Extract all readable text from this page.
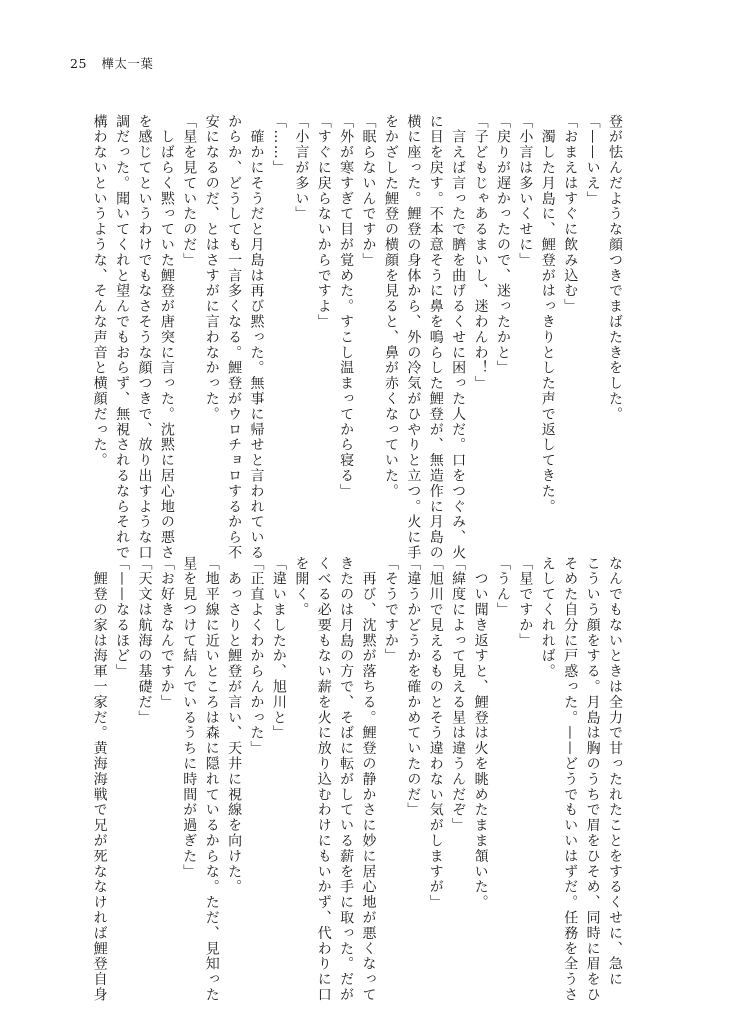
25 樺太一葉

登が怯んだような顔つきでまばたきをした。

「——いえ」

「おまえはすぐに飲み込む」

　濁した月島に、鯉登がはっきりとした声で返してきた。

「小言は多いくせに」

「戻りが遅かったので、迷ったかと」

「子どもじゃあるまいし、迷わんわ！」

　言えば言ったで臍を曲げるくせに困った人だ。口をつぐみ、火

に目を戻す。不本意そうに鼻を鳴らした鯉登が、無造作に月島の

横に座った。鯉登の身体から、外の冷気がひやりと立つ。火に手

をかざした鯉登の横顔を見ると、鼻が赤くなっていた。

「眠らないんですか」

「外が寒すぎて目が覚めた。すこし温まってから寝る」

「すぐに戻らないからですよ」

「小言が多い」

「……」

　確かにそうだと月島は再び黙った。無事に帰せと言われている

からか、どうしても一言多くなる。鯉登がウロチョロするから不

安になるのだ、とはさすがに言わなかった。

「星を見ていたのだ」

　しばらく黙っていた鯉登が唐突に言った。沈黙に居心地の悪さ

を感じてというわけでもなさそうな顔つきで、放り出すような口

調だった。聞いてくれと望んでもおらず、無視されるならそれで

構わないというような、そんな声音と横顔だった。

なんでもないときは全力で甘ったれたことをするくせに、急に

こういう顔をする。月島は胸のうちで眉をひそめ、同時に眉をひ

そめた自分に戸惑った。——どうでもいいはずだ。任務を全うさ

えしてくれれば。

「星ですか」

「うん」

　つい聞き返すと、鯉登は火を眺めたまま頷いた。

「緯度によって見える星は違うんだぞ」

「旭川で見えるものとそう違わない気がしますが」

「違うかどうかを確かめていたのだ」

「そうですか」

　再び、沈黙が落ちる。鯉登の静かさに妙に居心地が悪くなって

きたのは月島の方で、そばに転がしている薪を手に取った。だが

くべる必要もない薪を火に放り込むわけにもいかず、代わりに口

を開く。

「違いましたか、旭川と」

「正直よくわからんかった」

　あっさりと鯉登が言い、天井に視線を向けた。

「地平線に近いところは森に隠れているからな。ただ、見知った

星を見つけて結んでいるうちに時間が過ぎた」

「お好きなんですか」

「天文は航海の基礎だ」

「——なるほど」

　鯉登の家は海軍一家だ。黄海海戦で兄が死ななければ鯉登自身
